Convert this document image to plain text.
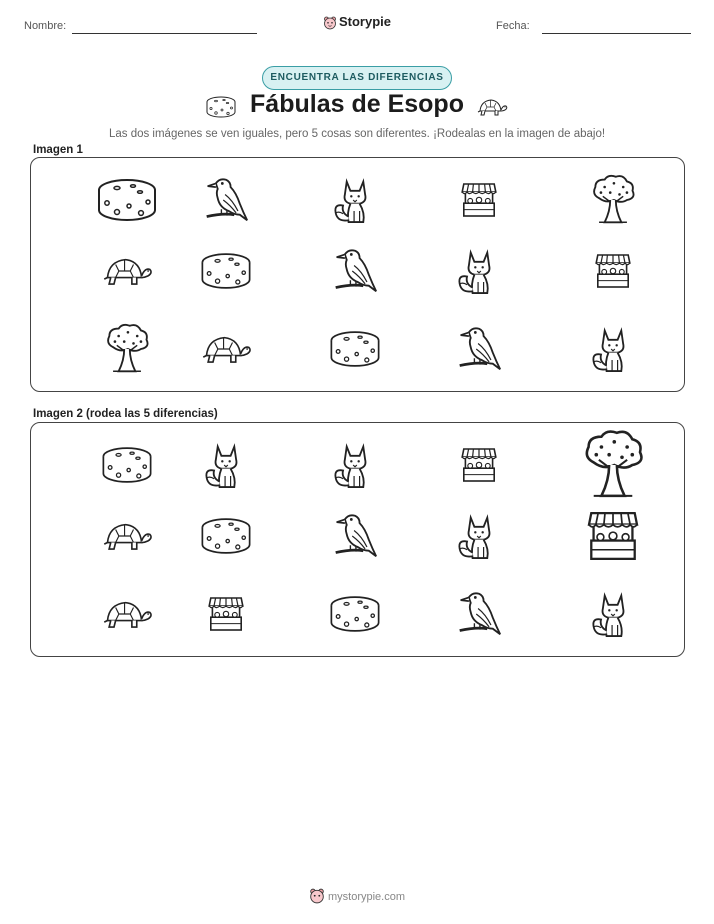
Nombre:	Storypie	Fecha:
ENCUENTRA LAS DIFERENCIAS
Fábulas de Esopo
Las dos imágenes se ven iguales, pero 5 cosas son diferentes. ¡Rodealas en la imagen de abajo!
Imagen 1
Imagen 2 (rodea las 5 diferencias)
mystorypie.com
